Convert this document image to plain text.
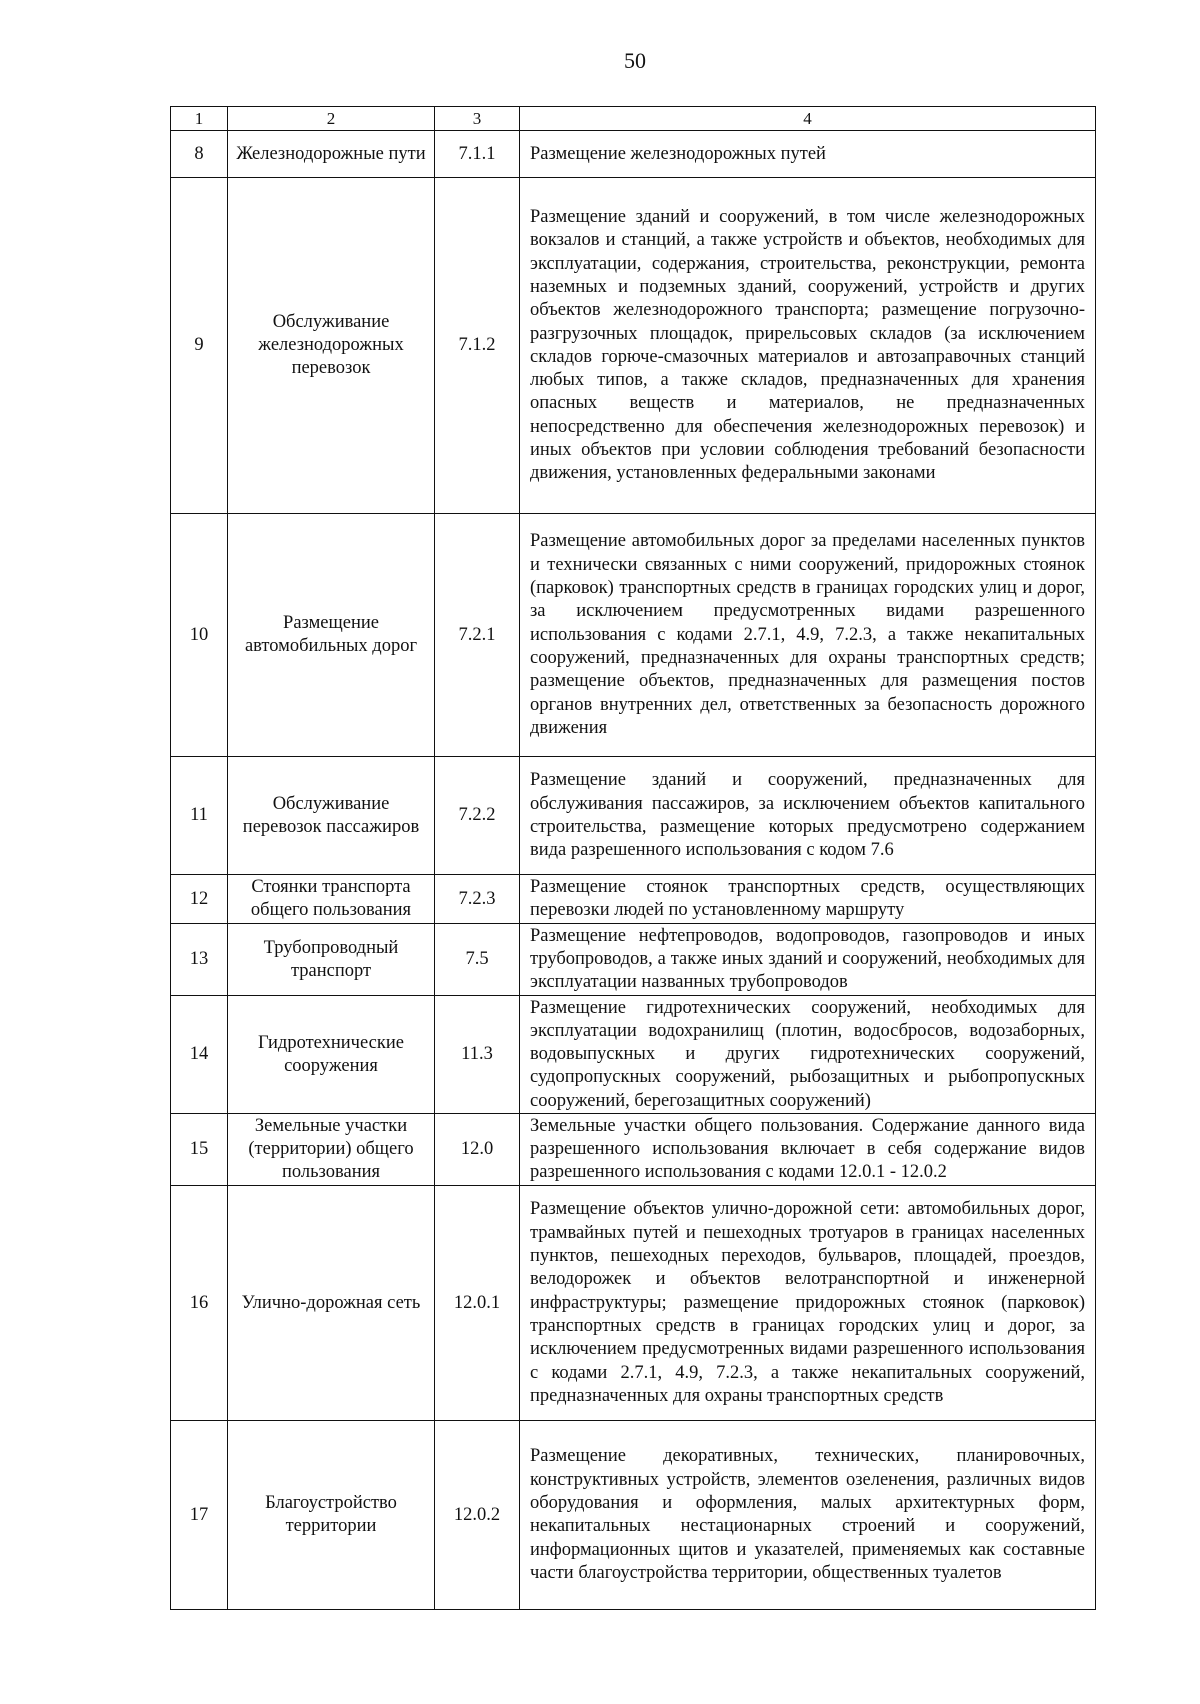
50
1	2	3	4
8	Железнодорожные пути	7.1.1	Размещение железнодорожных путей

9	Обслуживание железнодорожных перевозок	7.1.2	Размещение зданий и сооружений, в том числе железнодорожных вокзалов и станций, а также устройств и объектов, необходимых для эксплуатации, содержания, строительства, реконструкции, ремонта наземных и подземных зданий, сооружений, устройств и других объектов железнодорожного транспорта; размещение погрузочно-разгрузочных площадок, прирельсовых складов (за исключением складов горюче-смазочных материалов и автозаправочных станций любых типов, а также складов, предназначенных для хранения опасных веществ и материалов, не предназначенных непосредственно для обеспечения железнодорожных перевозок) и иных объектов при условии соблюдения требований безопасности движения, установленных федеральными законами

10	Размещение автомобильных дорог	7.2.1	Размещение автомобильных дорог за пределами населенных пунктов и технически связанных с ними сооружений, придорожных стоянок (парковок) транспортных средств в границах городских улиц и дорог, за исключением предусмотренных видами разрешенного использования с кодами 2.7.1, 4.9, 7.2.3, а также некапитальных сооружений, предназначенных для охраны транспортных средств; размещение объектов, предназначенных для размещения постов органов внутренних дел, ответственных за безопасность дорожного движения

11	Обслуживание перевозок пассажиров	7.2.2	Размещение зданий и сооружений, предназначенных для обслуживания пассажиров, за исключением объектов капитального строительства, размещение которых предусмотрено содержанием вида разрешенного использования с кодом 7.6

12	Стоянки транспорта общего пользования	7.2.3	Размещение стоянок транспортных средств, осуществляющих перевозки людей по установленному маршруту

13	Трубопроводный транспорт	7.5	Размещение нефтепроводов, водопроводов, газопроводов и иных трубопроводов, а также иных зданий и сооружений, необходимых для эксплуатации названных трубопроводов

14	Гидротехнические сооружения	11.3	Размещение гидротехнических сооружений, необходимых для эксплуатации водохранилищ (плотин, водосбросов, водозаборных, водовыпускных и других гидротехнических сооружений, судопропускных сооружений, рыбозащитных и рыбопропускных сооружений, берегозащитных сооружений)

15	Земельные участки (территории) общего пользования	12.0	Земельные участки общего пользования. Содержание данного вида разрешенного использования включает в себя содержание видов разрешенного использования с кодами 12.0.1 - 12.0.2

16	Улично-дорожная сеть	12.0.1	Размещение объектов улично-дорожной сети: автомобильных дорог, трамвайных путей и пешеходных тротуаров в границах населенных пунктов, пешеходных переходов, бульваров, площадей, проездов, велодорожек и объектов велотранспортной и инженерной инфраструктуры; размещение придорожных стоянок (парковок) транспортных средств в границах городских улиц и дорог, за исключением предусмотренных видами разрешенного использования с кодами 2.7.1, 4.9, 7.2.3, а также некапитальных сооружений, предназначенных для охраны транспортных средств

17	Благоустройство территории	12.0.2	Размещение декоративных, технических, планировочных, конструктивных устройств, элементов озеленения, различных видов оборудования и оформления, малых архитектурных форм, некапитальных нестационарных строений и сооружений, информационных щитов и указателей, применяемых как составные части благоустройства территории, общественных туалетов
